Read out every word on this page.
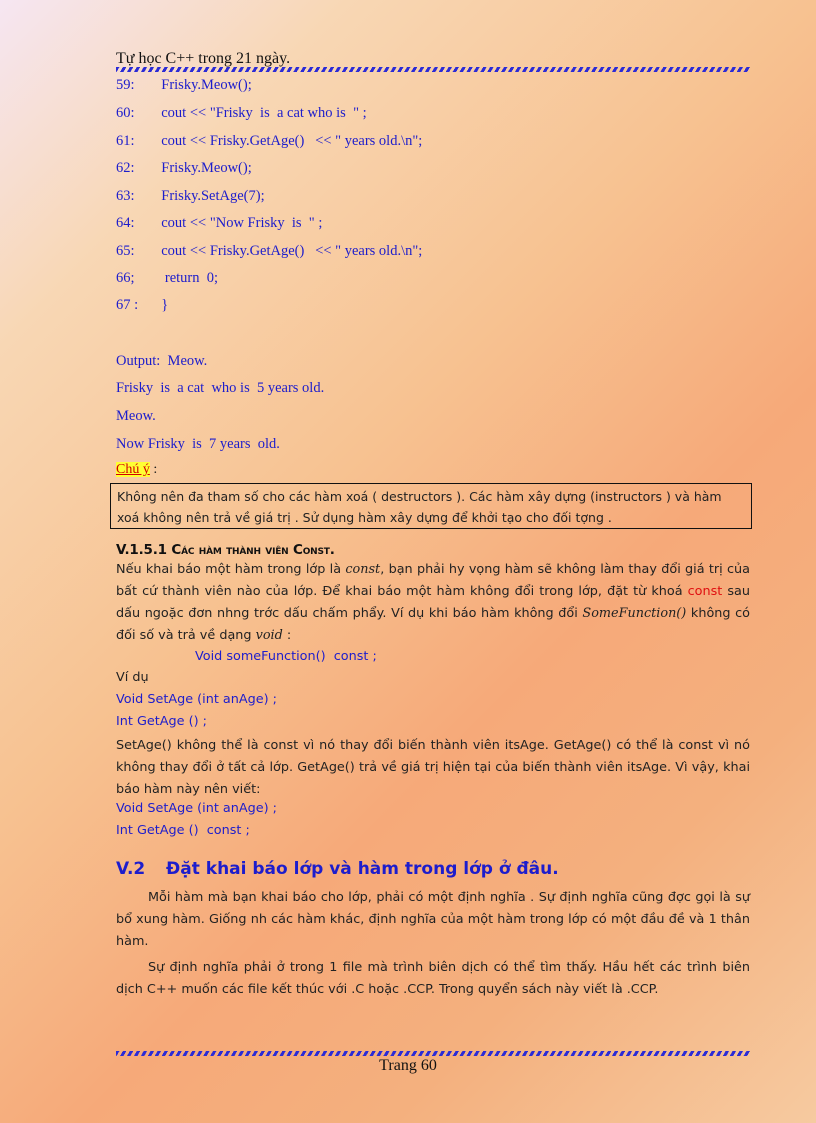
Tự học C++ trong 21 ngày.
59:  Frisky.Meow();
60:  cout << "Frisky  is  a cat who is  " ;
61:  cout << Frisky.GetAge()   << " years old.\n";
62:  Frisky.Meow();
63:  Frisky.SetAge(7);
64:  cout << "Now Frisky  is  " ;
65:  cout << Frisky.GetAge()   << " years old.\n";
66;   return  0;
67 :  }
Output:  Meow.
Frisky  is  a cat  who is  5 years old.
Meow.
Now Frisky  is  7 years  old.
Chú ý :
Không nên đa tham số cho các hàm xoá ( destructors ). Các hàm xây dựng (instructors ) và hàm xoá không nên trả về giá trị . Sử dụng hàm xây dựng để khởi tạo cho đối tợng .
V.1.5.1 Các hàm thành viên Const.
Nếu khai báo một hàm trong lớp là const, bạn phải hy vọng hàm sẽ không làm thay đổi giá trị của bất cứ thành viên nào của lớp. Để khai báo một hàm không đổi trong lớp, đặt từ khoá const sau dấu ngoặc đơn nhng trớc dấu chấm phẩy. Ví dụ khi báo hàm không đổi SomeFunction() không có đối số và trả về dạng void :
Void someFunction()  const ;
Ví dụ
Void SetAge (int anAge) ;
Int GetAge () ;
SetAge() không thể là const vì nó thay đổi biến thành viên itsAge. GetAge() có thể là const vì nó không thay đổi ở tất cả lớp. GetAge() trả về giá trị hiện tại của biến thành viên itsAge. Vì vậy, khai báo hàm này nên viết:
Void SetAge (int anAge) ;
Int GetAge ()  const ;
V.2 Đặt khai báo lớp và hàm trong lớp ở đâu.
Mỗi hàm mà bạn khai báo cho lớp, phải có một định nghĩa . Sự định nghĩa cũng đợc gọi là sự bổ xung hàm. Giống nh các hàm khác, định nghĩa của một hàm trong lớp có một đầu đề và 1 thân hàm.
Sự định nghĩa phải ở trong 1 file mà trình biên dịch có thể tìm thấy. Hầu hết các trình biên dịch C++ muốn các file kết thúc với .C hoặc .CCP. Trong quyển sách này viết là .CCP.
Trang 60
